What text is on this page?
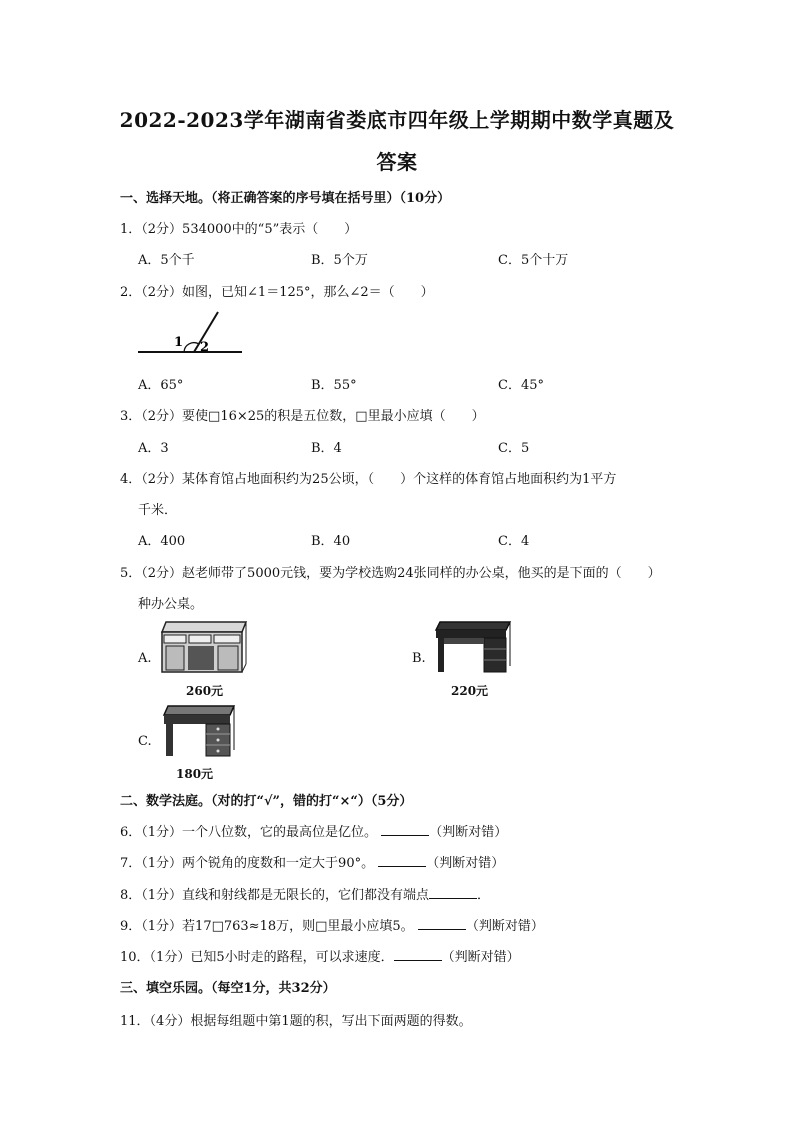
2022-2023学年湖南省娄底市四年级上学期期中数学真题及
答案
一、选择天地。（将正确答案的序号填在括号里）（10分）
1．（2分）534000中的“5”表示（　　）
A．5个千	B．5个万	C．5个十万
2．（2分）如图，已知∠1＝125°，那么∠2＝（　　）
1 2
A．65°	B．55°	C．45°
3．（2分）要使□16×25的积是五位数，□里最小应填（　　）
A．3	B．4	C．5
4．（2分）某体育馆占地面积约为25公顷，（　　）个这样的体育馆占地面积约为1平方
千米．
A．400	B．40	C．4
5．（2分）赵老师带了5000元钱，要为学校选购24张同样的办公桌，他买的是下面的（　　）
种办公桌。
A.
260元
B.
220元
C.
180元
二、数学法庭。（对的打“√”，错的打“×“）（5分）
6．（1分）一个八位数，它的最高位是亿位。	（判断对错）
7．（1分）两个锐角的度数和一定大于90°。	（判断对错）
8．（1分）直线和射线都是无限长的，它们都没有端点	．
9．（1分）若17□763≈18万，则□里最小应填5。	（判断对错）
10．（1分）已知5小时走的路程，可以求速度．	（判断对错）
三、填空乐园。（每空1分，共32分）
11．（4分）根据每组题中第1题的积，写出下面两题的得数。
